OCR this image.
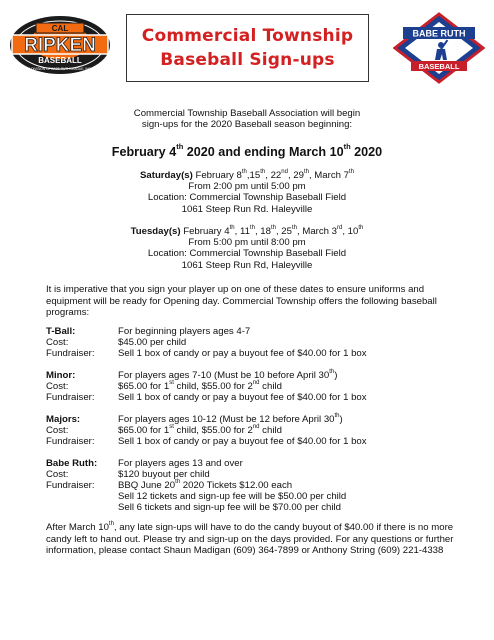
CAL
RIPKEN
BASEBALL
A DIVISION OF BABE RUTH LEAGUE, INC.
Commercial Township
Baseball Sign-ups
BABE RUTH
BASEBALL
Commercial Township Baseball Association will begin
sign-ups for the 2020 Baseball season beginning:
February 4th 2020 and ending March 10th 2020
Saturday(s) February 8th,15th, 22nd, 29th, March 7th
From 2:00 pm until 5:00 pm
Location: Commercial Township Baseball Field
1061 Steep Run Rd. Haleyville
Tuesday(s) February 4th, 11th, 18th, 25th, March 3rd, 10th
From 5:00 pm until 8:00 pm
Location: Commercial Township Baseball Field
1061 Steep Run Rd, Haleyville
It is imperative that you sign your player up on one of these dates to ensure uniforms and equipment will be ready for Opening day. Commercial Township offers the following baseball programs:
T-Ball:	For beginning players ages 4-7
Cost:	$45.00 per child
Fundraiser: Sell 1 box of candy or pay a buyout fee of $40.00 for 1 box
Minor:	For players ages 7-10 (Must be 10 before April 30th)
Cost:	$65.00 for 1st child, $55.00 for 2nd child
Fundraiser: Sell 1 box of candy or pay a buyout fee of $40.00 for 1 box
Majors:	For players ages 10-12 (Must be 12 before April 30th)
Cost:	$65.00 for 1st child, $55.00 for 2nd child
Fundraiser: Sell 1 box of candy or pay a buyout fee of $40.00 for 1 box
Babe Ruth: For players ages 13 and over
Cost:	$120 buyout per child
Fundraiser: BBQ June 20th 2020 Tickets $12.00 each
Sell 12 tickets and sign-up fee will be $50.00 per child
Sell 6 tickets and sign-up fee will be $70.00 per child
After March 10th, any late sign-ups will have to do the candy buyout of $40.00 if there is no more candy left to hand out. Please try and sign-up on the days provided. For any questions or further information, please contact Shaun Madigan (609) 364-7899 or Anthony String (609) 221-4338
